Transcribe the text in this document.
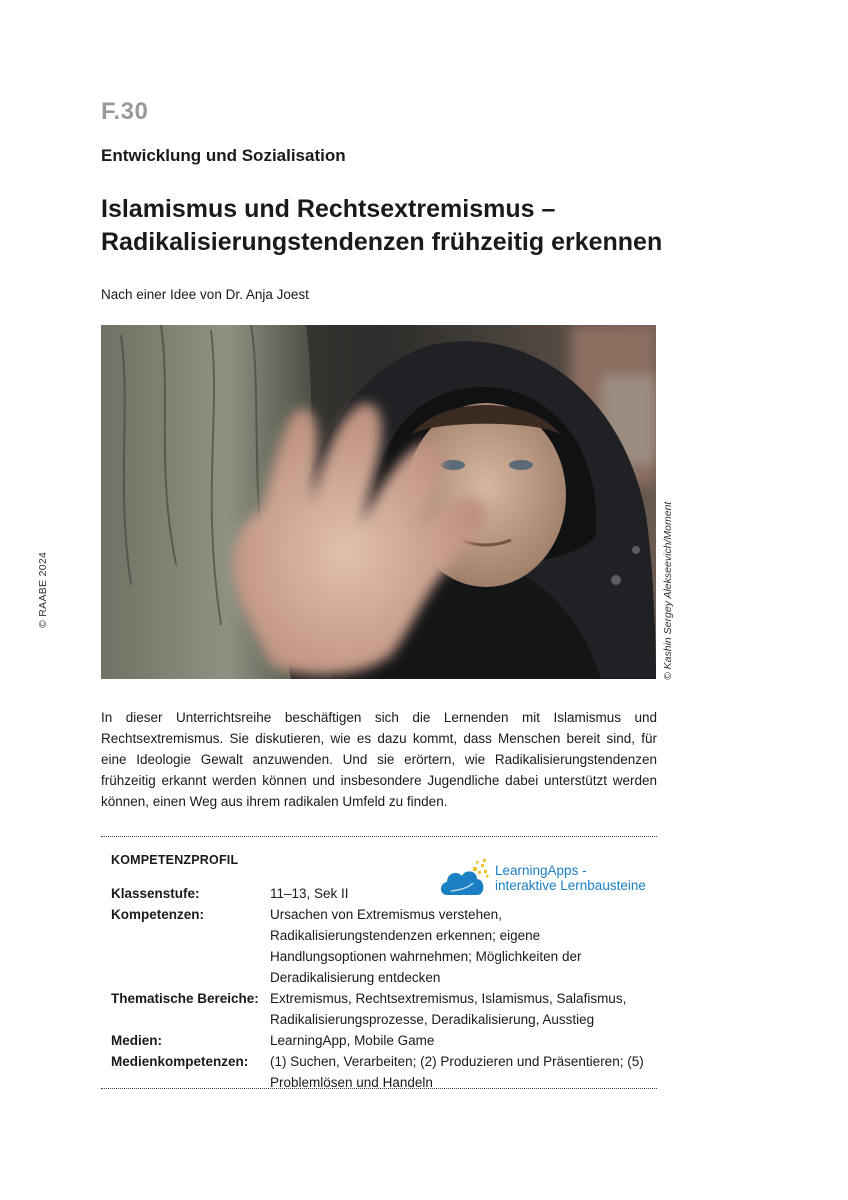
F.30
Entwicklung und Sozialisation
Islamismus und Rechtsextremismus –
Radikalisierungstendenzen frühzeitig erkennen
Nach einer Idee von Dr. Anja Joest
© Kashin Sergey Alekseevich/Moment
© RAABE 2024

In dieser Unterrichtsreihe beschäftigen sich die Lernenden mit Islamismus und Rechtsextremismus. Sie diskutieren, wie es dazu kommt, dass Menschen bereit sind, für eine Ideologie Gewalt anzuwenden. Und sie erörtern, wie Radikalisierungstendenzen frühzeitig erkannt werden können und insbesondere Jugendliche dabei unterstützt werden können, einen Weg aus ihrem radikalen Umfeld zu finden.

LearningApps -
interaktive Lernbausteine
KOMPETENZPROFIL
Klassenstufe:	11–13, Sek II
Kompetenzen:	Ursachen von Extremismus verstehen, Radikalisierungstendenzen erkennen; eigene Handlungsoptionen wahrnehmen; Möglichkeiten der Deradikalisierung entdecken
Thematische Bereiche: Extremismus, Rechtsextremismus, Islamismus, Salafismus, Radikalisierungsprozesse, Deradikalisierung, Ausstieg
Medien:	LearningApp, Mobile Game
Medienkompetenzen:	(1) Suchen, Verarbeiten; (2) Produzieren und Präsentieren; (5) Problemlösen und Handeln
